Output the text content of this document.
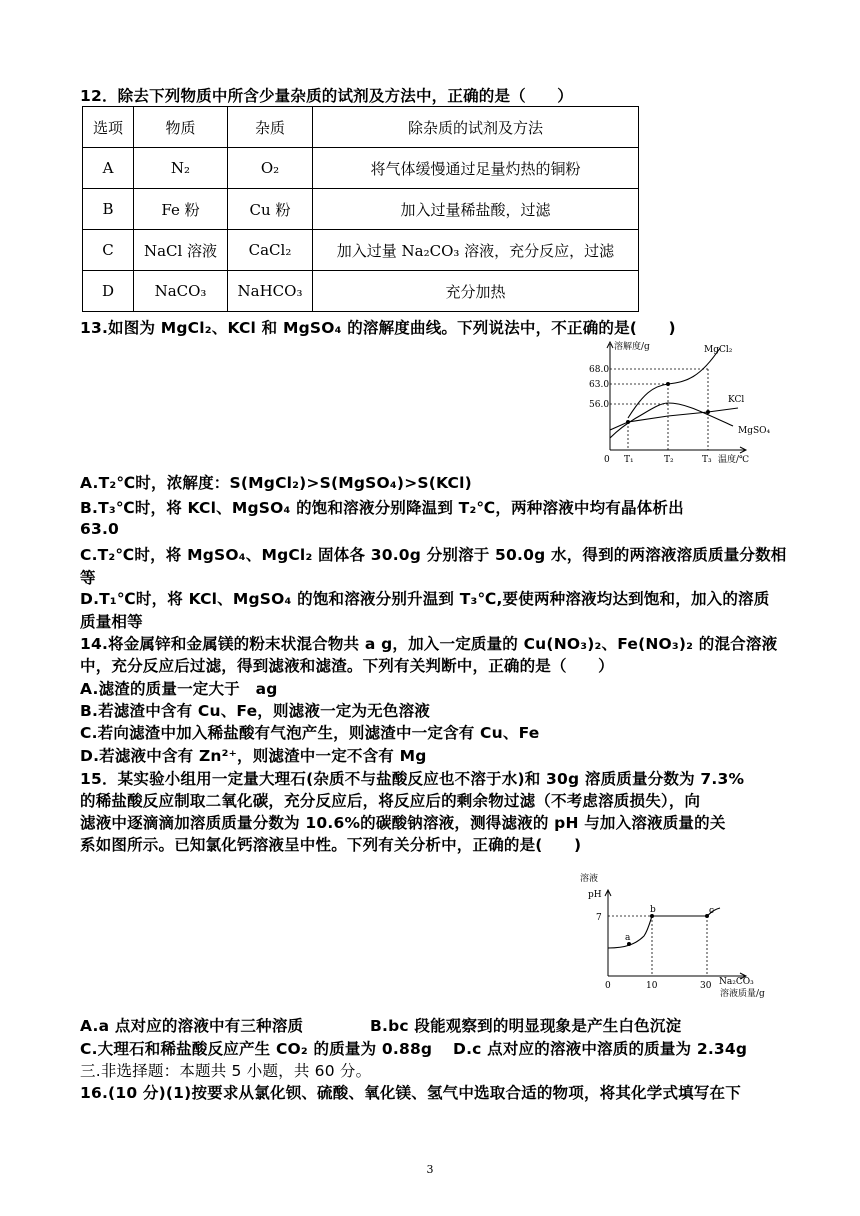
12．除去下列物质中所含少量杂质的试剂及方法中，正确的是（　　）
选项	物质	杂质	除杂质的试剂及方法
A	N₂	O₂	将气体缓慢通过足量灼热的铜粉
B	Fe 粉	Cu 粉	加入过量稀盐酸，过滤
C	NaCl 溶液	CaCl₂	加入过量 Na₂CO₃ 溶液，充分反应，过滤
D	NaCO₃	NaHCO₃	充分加热
13.如图为 MgCl₂、KCl 和 MgSO₄ 的溶解度曲线。下列说法中，不正确的是(　　)
溶解度/g
68.0
63.0
56.0
0 T₁	T₂	T₃ 温度/℃
MgCl₂
KCl
MgSO₄
A.T₂℃时，浓解度：S(MgCl₂)>S(MgSO₄)>S(KCl)
B.T₃℃时，将 KCl、MgSO₄ 的饱和溶液分别降温到 T₂℃，两种溶液中均有晶体析出
63.0
C.T₂℃时，将 MgSO₄、MgCl₂ 固体各 30.0g 分别溶于 50.0g 水，得到的两溶液溶质质量分数相
等
D.T₁℃时，将 KCl、MgSO₄ 的饱和溶液分别升温到 T₃℃,要使两种溶液均达到饱和，加入的溶质
质量相等
14.将金属锌和金属镁的粉末状混合物共 a g，加入一定质量的 Cu(NO₃)₂、Fe(NO₃)₂ 的混合溶液
中，充分反应后过滤，得到滤液和滤渣。下列有关判断中，正确的是（　　）
A.滤渣的质量一定大于　ag
B.若滤渣中含有 Cu、Fe，则滤液一定为无色溶液
C.若向滤渣中加入稀盐酸有气泡产生，则滤渣中一定含有 Cu、Fe
D.若滤液中含有 Zn²⁺，则滤渣中一定不含有 Mg
15．某实验小组用一定量大理石(杂质不与盐酸反应也不溶于水)和 30g 溶质质量分数为 7.3%
的稀盐酸反应制取二氧化碳，充分反应后，将反应后的剩余物过滤（不考虑溶质损失），向
滤液中逐滴滴加溶质质量分数为 10.6%的碳酸钠溶液，测得滤液的 pH 与加入溶液质量的关
系如图所示。已知氯化钙溶液呈中性。下列有关分析中，正确的是(　　)
溶液
pH
7
0	10	30 Na₂CO₃
溶液质量/g
a
b	c
A.a 点对应的溶液中有三种溶质	B.bc 段能观察到的明显现象是产生白色沉淀
C.大理石和稀盐酸反应产生 CO₂ 的质量为 0.88g D.c 点对应的溶液中溶质的质量为 2.34g
三.非选择题：本题共 5 小题，共 60 分。
16.(10 分)(1)按要求从氯化钡、硫酸、氧化镁、氢气中选取合适的物项，将其化学式填写在下
3
